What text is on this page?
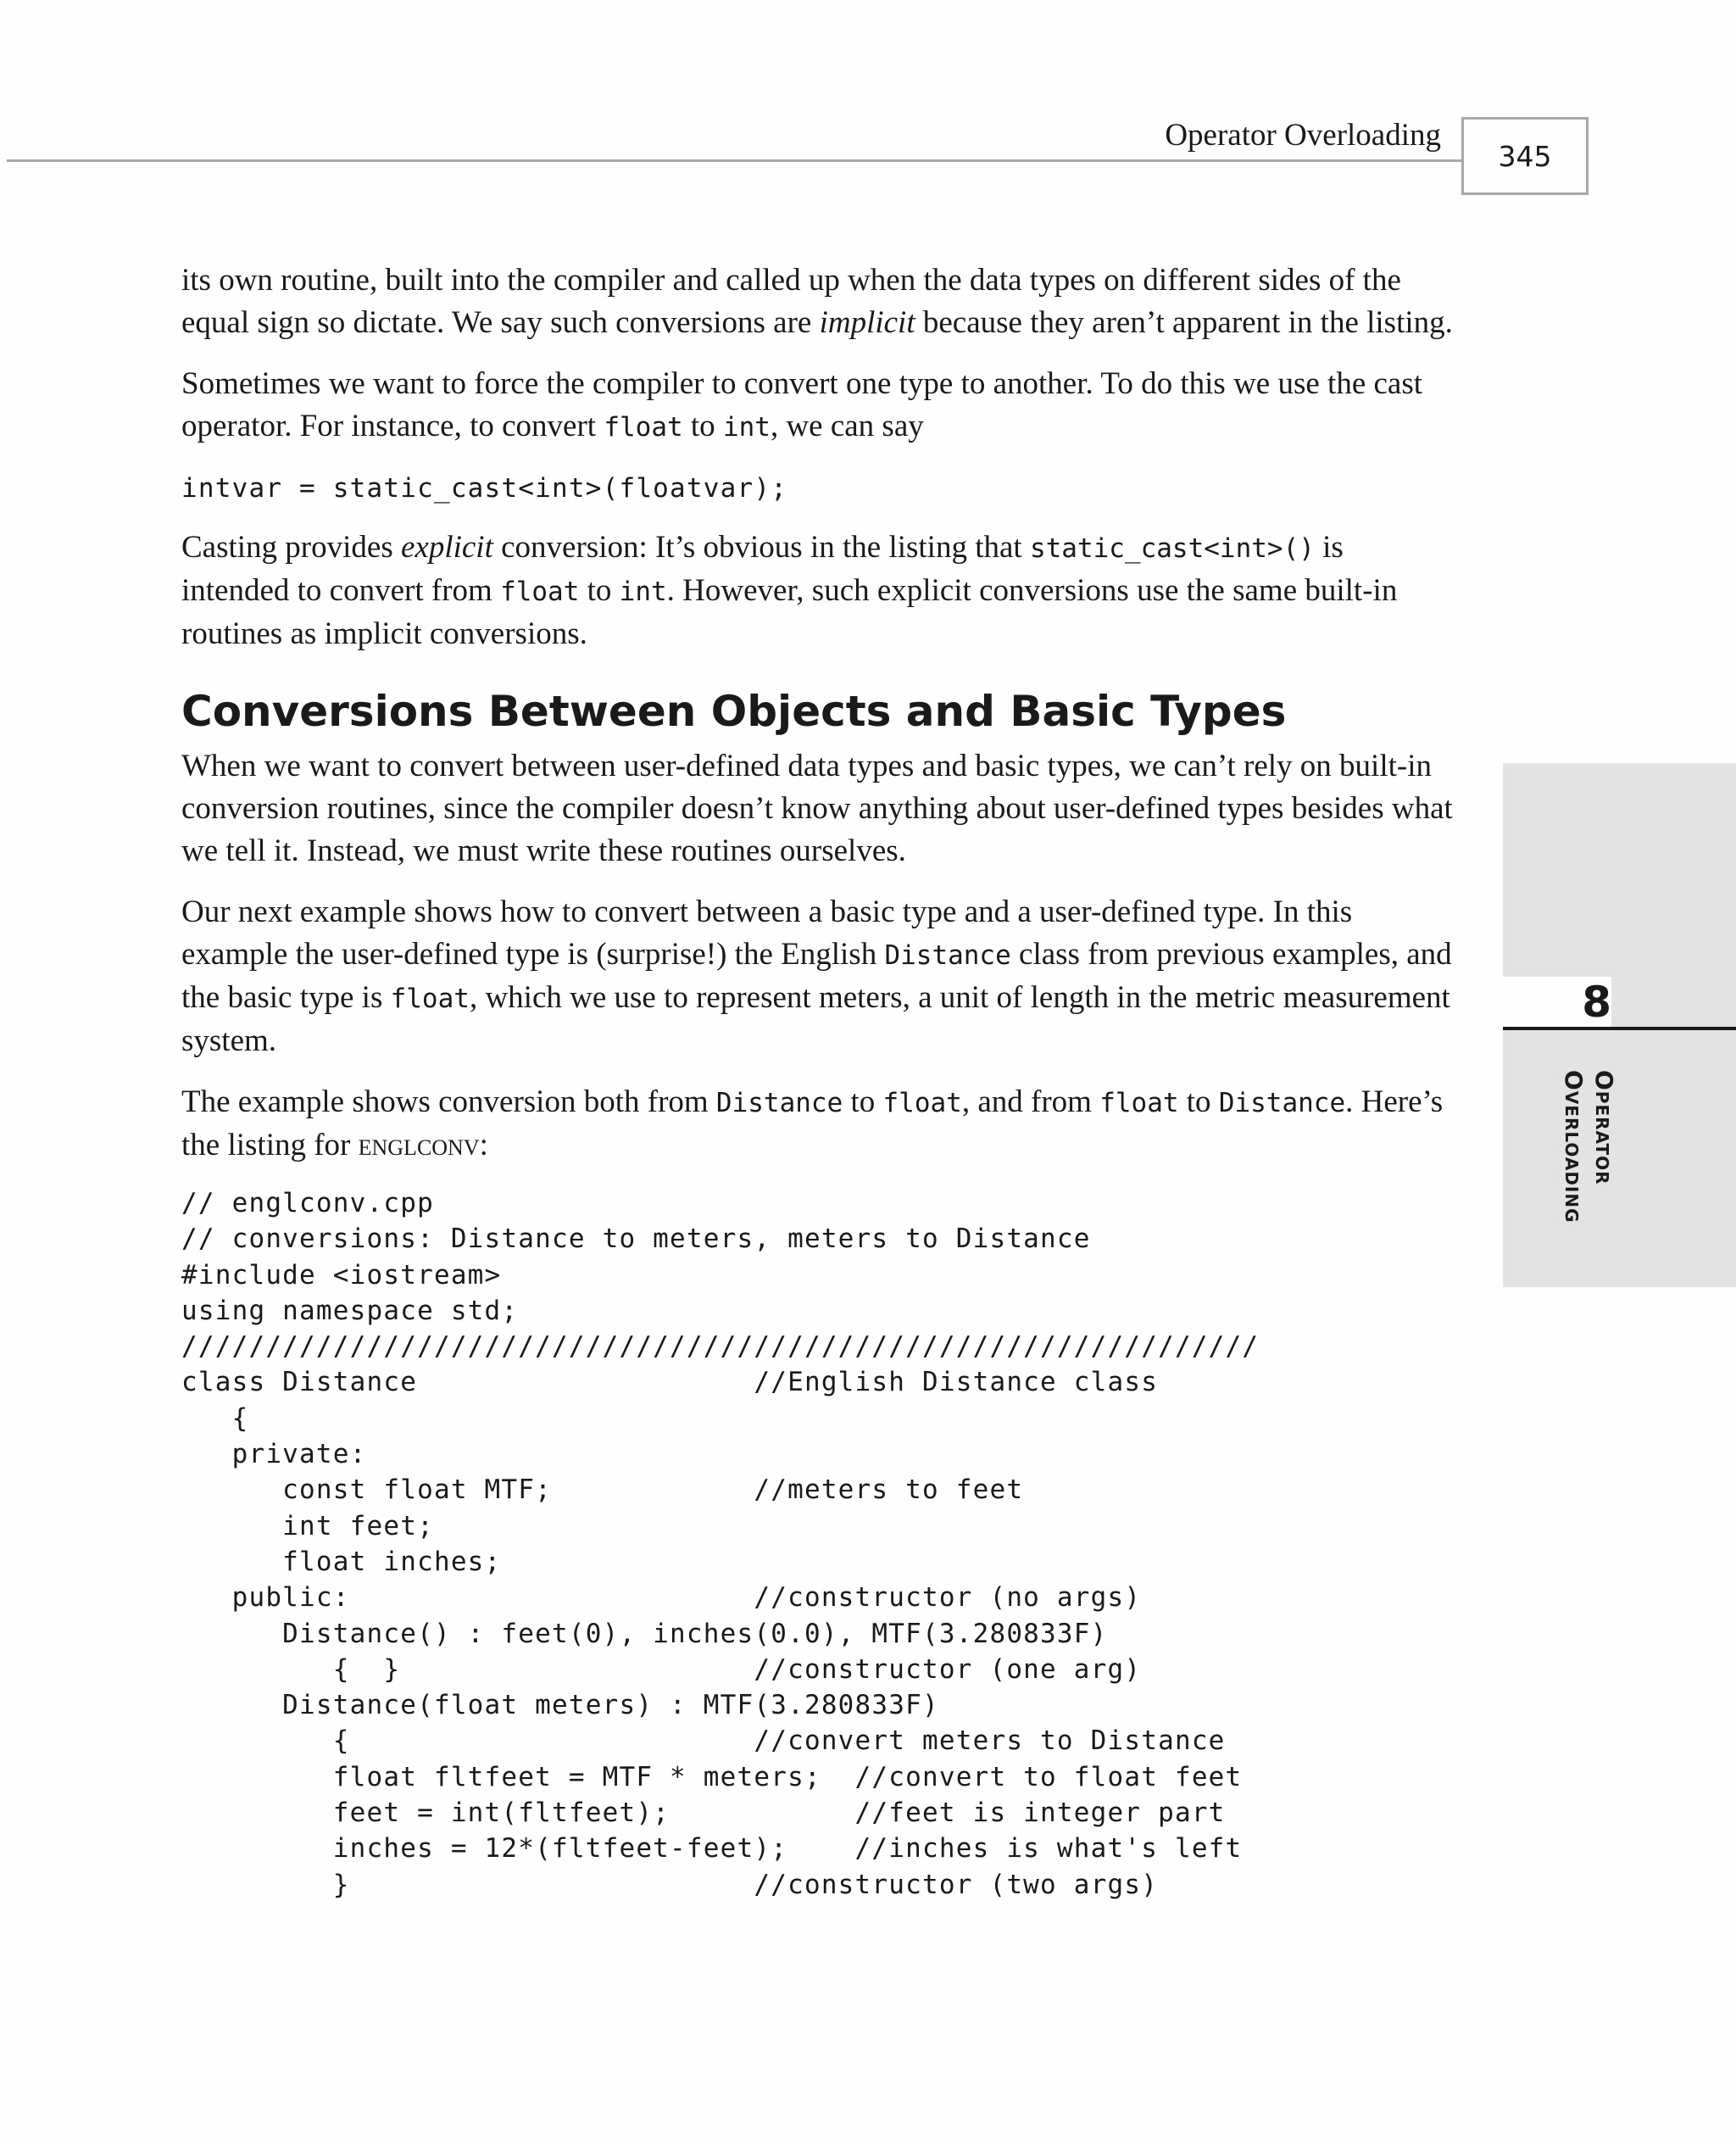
Operator Overloading
345
8
Operator
Overloading

its own routine, built into the compiler and called up when the data types on different sides of the equal sign so dictate. We say such conversions are implicit because they aren’t apparent in the listing.

Sometimes we want to force the compiler to convert one type to another. To do this we use the cast operator. For instance, to convert float to int, we can say

intvar = static_cast<int>(floatvar);

Casting provides explicit conversion: It’s obvious in the listing that static_cast<int>() is intended to convert from float to int. However, such explicit conversions use the same built-in routines as implicit conversions.

Conversions Between Objects and Basic Types

When we want to convert between user-defined data types and basic types, we can’t rely on built-in conversion routines, since the compiler doesn’t know anything about user-defined types besides what we tell it. Instead, we must write these routines ourselves.

Our next example shows how to convert between a basic type and a user-defined type. In this example the user-defined type is (surprise!) the English Distance class from previous examples, and the basic type is float, which we use to represent meters, a unit of length in the metric measurement system.

The example shows conversion both from Distance to float, and from float to Distance. Here’s the listing for englconv:

// englconv.cpp
// conversions: Distance to meters, meters to Distance
#include <iostream>
using namespace std;
////////////////////////////////////////////////////////////////
class Distance                    //English Distance class
{
private:
const float MTF;            //meters to feet
int feet;
float inches;
public:                        //constructor (no args)
Distance() : feet(0), inches(0.0), MTF(3.280833F)
{  }                     //constructor (one arg)
Distance(float meters) : MTF(3.280833F)
{                        //convert meters to Distance
float fltfeet = MTF * meters;  //convert to float feet
feet = int(fltfeet);           //feet is integer part
inches = 12*(fltfeet-feet);    //inches is what's left
}                        //constructor (two args)
